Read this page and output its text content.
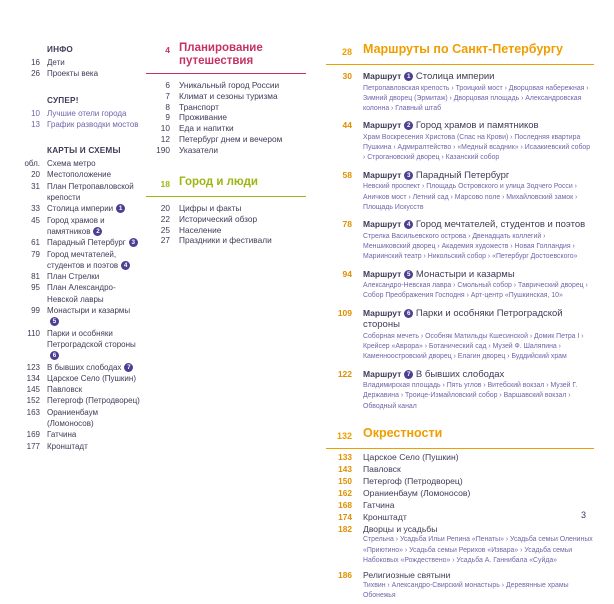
ИНФО
16 Дети
26 Проекты века
СУПЕР!
10 Лучшие отели города
13 График разводки мостов
КАРТЫ И СХЕМЫ
обл. Схема метро
20 Местоположение
31 План Петропавловской крепости
33 Столица империи 1
45 Город храмов и памятников 2
61 Парадный Петербург 3
79 Город мечтателей, студентов и поэтов 4
81 План Стрелки
95 План Александро-Невской лавры
99 Монастыри и казармы5
110 Парки и особняки Петроградской стороны6
123 В бывших слободах 7
134 Царское Село (Пушкин)
145 Павловск
152 Петергоф (Петродворец)
163 Ораниенбаум (Ломоносов)
169 Гатчина
177 Кронштадт
4 Планирование путешествия
6 Уникальный город России
7 Климат и сезоны туризма
8 Транспорт
9 Проживание
10 Еда и напитки
12 Петербург днем и вечером
190 Указатели
18 Город и люди
20 Цифры и факты
22 Исторический обзор
25 Население
27 Праздники и фестивали
28 Маршруты по Санкт-Петербургу
30 Маршрут 1 Столица империи
Петропавловская крепость › Троицкий мост › Дворцовая набережная › Зимний дворец (Эрмитаж) › Дворцовая площадь › Александровская колонна › Главный штаб
44 Маршрут 2 Город храмов и памятников
Храм Воскресения Христова (Спас на Крови) › Последняя квартира Пушкина › Адмиралтейство › «Медный всадник» › Исаакиевский собор › Строгановский дворец › Казанский собор
58 Маршрут 3 Парадный Петербург
Невский проспект › Площадь Островского и улица Зодчего Росси › Аничков мост › Летний сад › Марсово поле › Михайловский замок › Площадь Искусств
78 Маршрут 4 Город мечтателей, студентов и поэтов
Стрелка Васильевского острова › Двенадцать коллегий › Меншиковский дворец › Академия художеств › Новая Голландия › Мариинский театр › Никольский собор › «Петербург Достоевского»
94 Маршрут 5 Монастыри и казармы
Александро-Невская лавра › Смольный собор › Таврический дворец › Собор Преображения Господня › Арт-центр «Пушкинская, 10»
109 Маршрут 6 Парки и особняки Петроградской стороны
Соборная мечеть › Особняк Матильды Кшесинской › Домик Петра I › Крейсер «Аврора» › Ботанический сад › Музей Ф. Шаляпина › Каменноостровский дворец › Елагин дворец › Буддийский храм
122 Маршрут 7 В бывших слободах
Владимирская площадь › Пять углов › Витебский вокзал › Музей Г. Державина › Троице-Измайловский собор › Варшавский вокзал › Обводный канал
132 Окрестности
133 Царское Село (Пушкин)
143 Павловск
150 Петергоф (Петродворец)
162 Ораниенбаум (Ломоносов)
168 Гатчина
174 Кронштадт
182 Дворцы и усадьбы
Стрельна › Усадьба Ильи Репина «Пенаты» › Усадьба семьи Олениных «Приютино» › Усадьба семьи Рерихов «Извара» › Усадьба семьи Набоковых «Рождествено» › Усадьба А. Ганнибала «Суйда»
186 Религиозные святыни
Тихвин › Александро-Свирский монастырь › Деревянные храмы Обонежья
3
